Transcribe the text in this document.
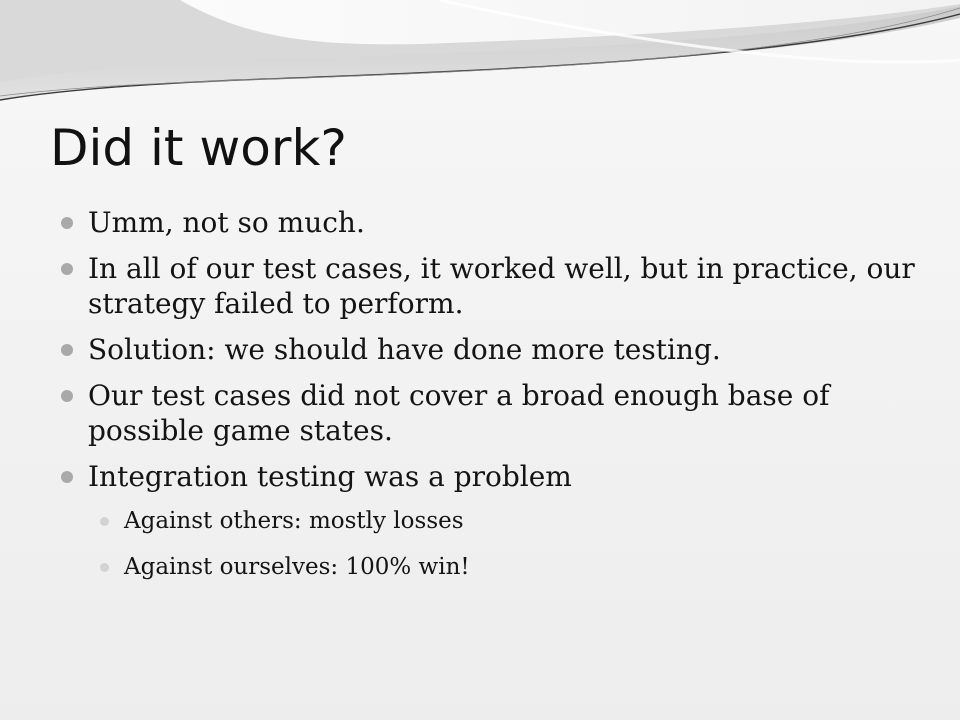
Did it work?
Umm, not so much.
In all of our test cases, it worked well, but in practice, our strategy failed to perform.
Solution: we should have done more testing.
Our test cases did not cover a broad enough base of possible game states.
Integration testing was a problem
Against others: mostly losses
Against ourselves: 100% win!
